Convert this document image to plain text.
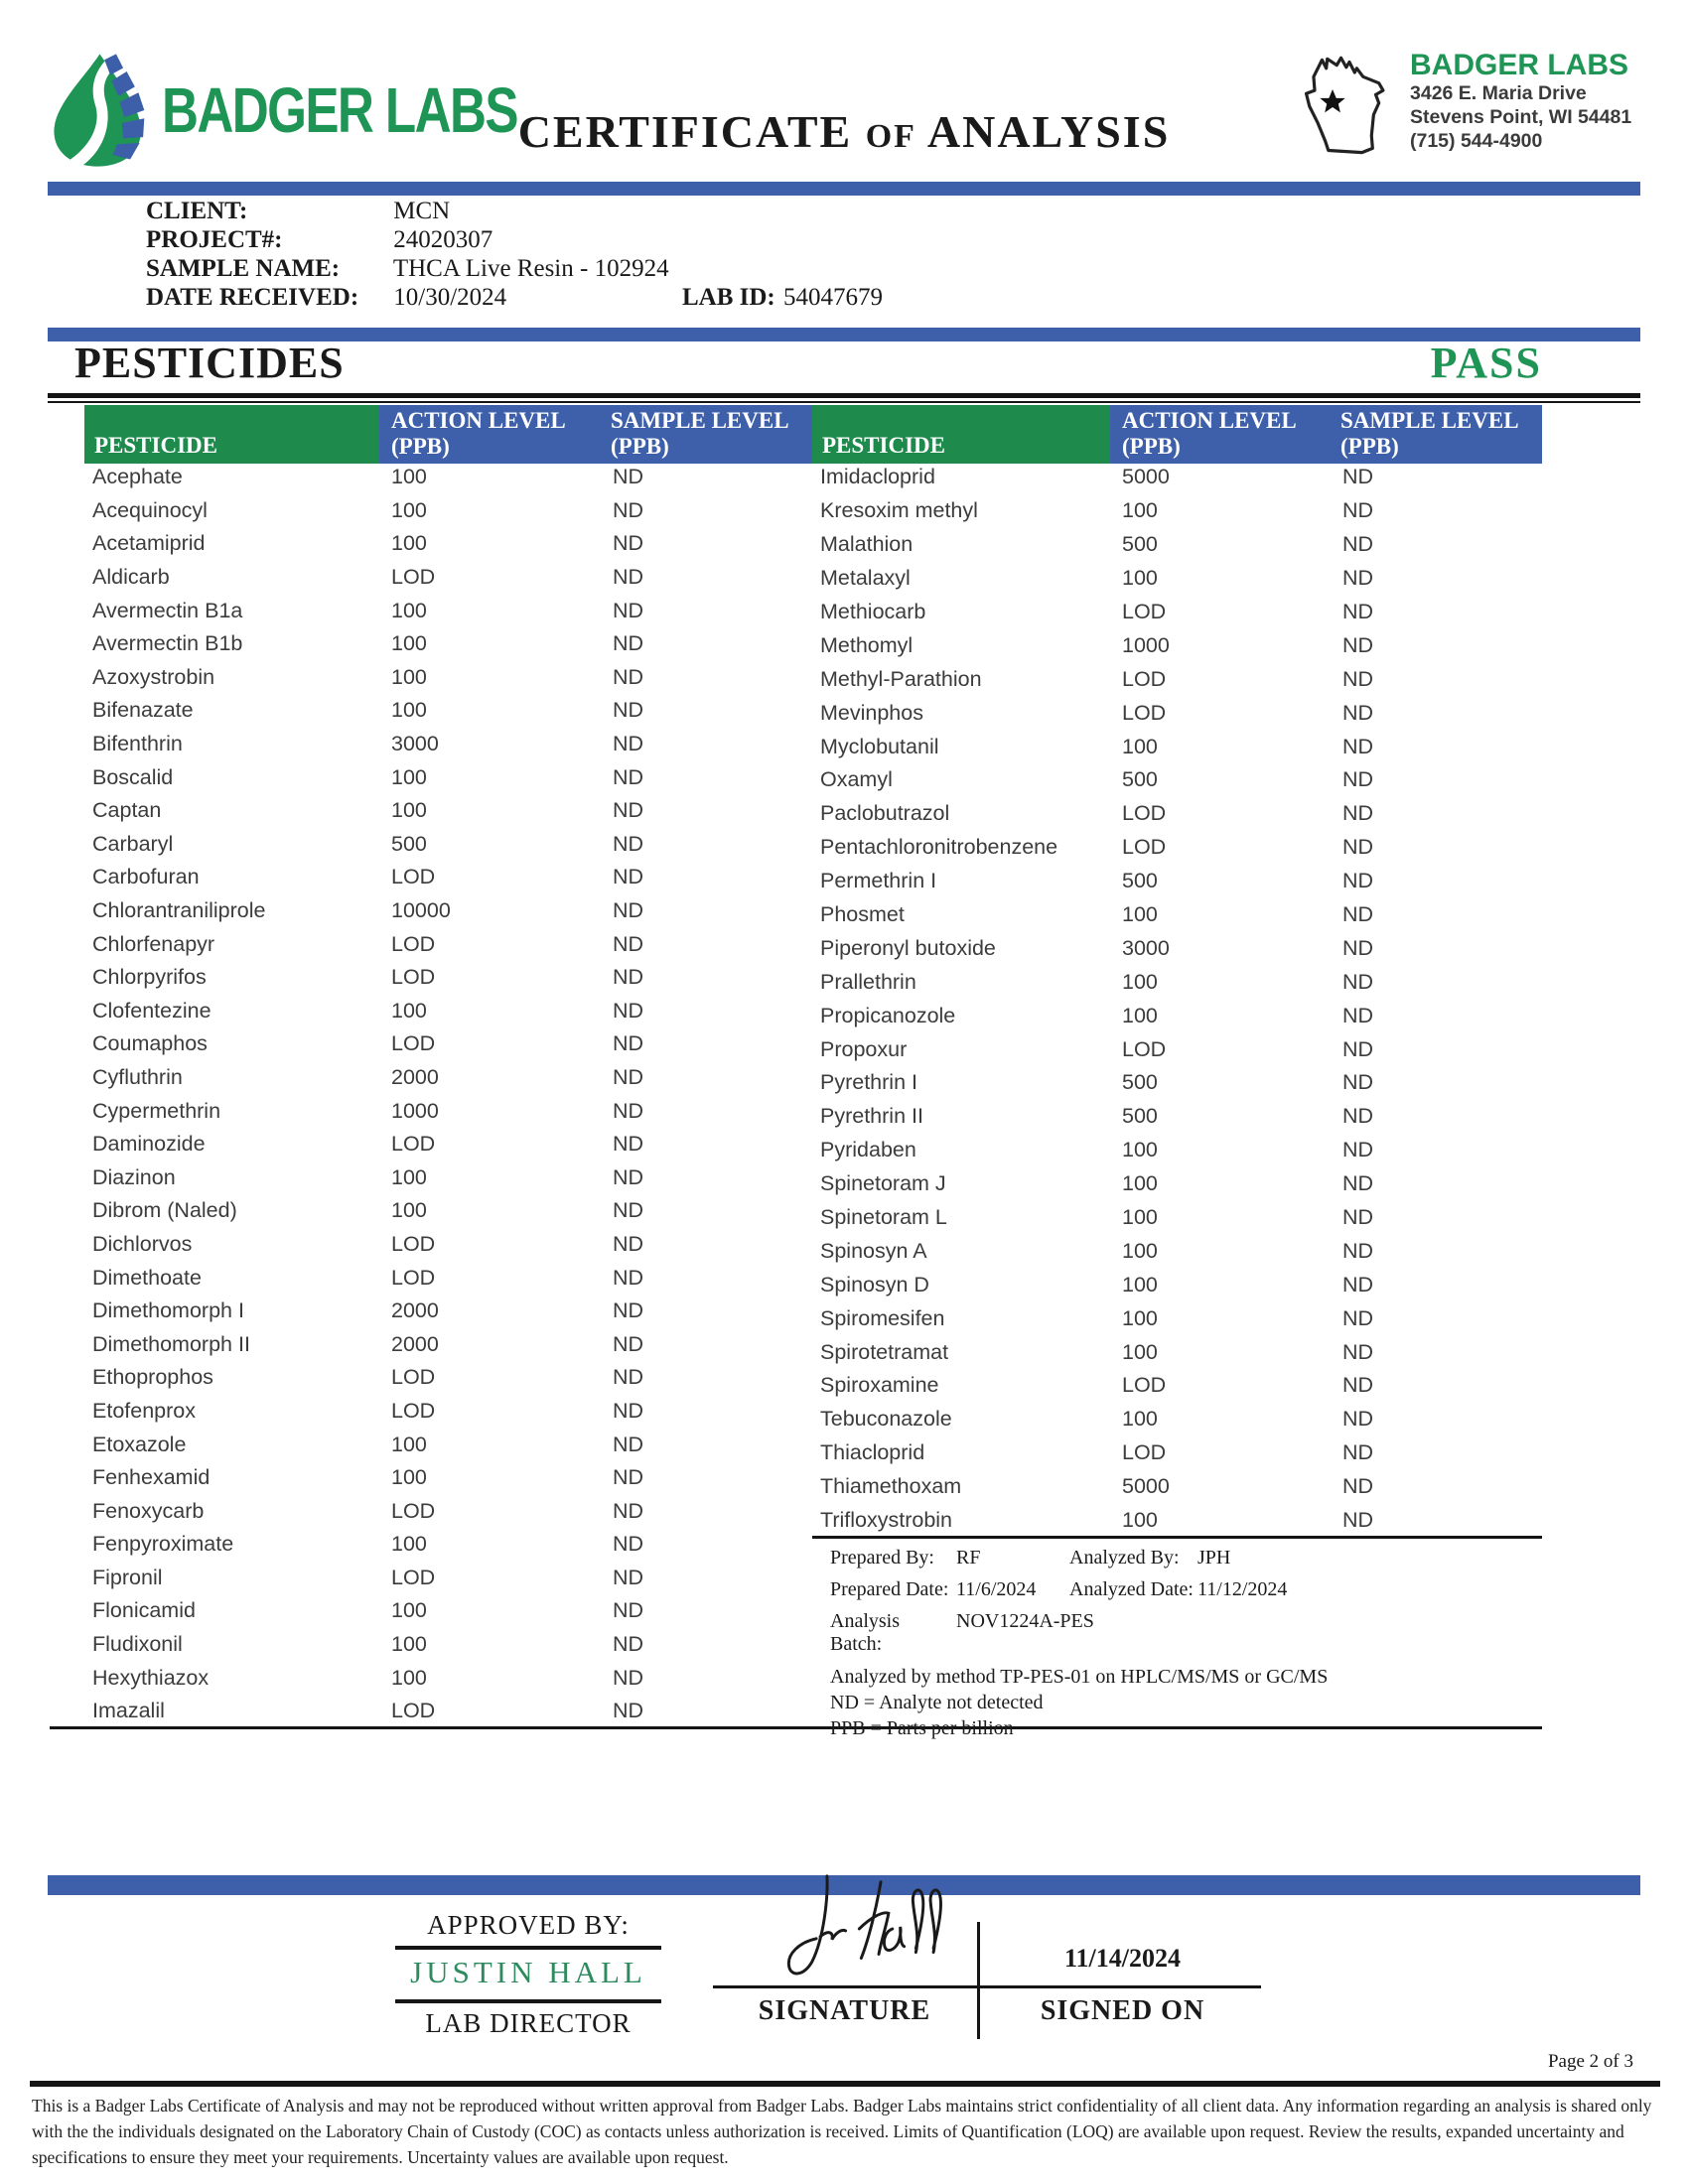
BADGER LABS CERTIFICATE OF ANALYSIS
BADGER LABS
3426 E. Maria Drive
Stevens Point, WI 54481
(715) 544-4900
CLIENT:	MCN
PROJECT#:	24020307
SAMPLE NAME: THCA Live Resin - 102924
DATE RECEIVED: 10/30/2024	LAB ID: 54047679
PESTICIDES	PASS
PESTICIDE
ACTION LEVEL
(PPB)
SAMPLE LEVEL
(PPB)
Acephate	100	ND
Acequinocyl	100	ND
Acetamiprid	100	ND
Aldicarb	LOD	ND
Avermectin B1a	100	ND
Avermectin B1b	100	ND
Azoxystrobin	100	ND
Bifenazate	100	ND
Bifenthrin	3000	ND
Boscalid	100	ND
Captan	100	ND
Carbaryl	500	ND
Carbofuran	LOD	ND
Chlorantraniliprole	10000	ND
Chlorfenapyr	LOD	ND
Chlorpyrifos	LOD	ND
Clofentezine	100	ND
Coumaphos	LOD	ND
Cyfluthrin	2000	ND
Cypermethrin	1000	ND
Daminozide	LOD	ND
Diazinon	100	ND
Dibrom (Naled)	100	ND
Dichlorvos	LOD	ND
Dimethoate	LOD	ND
Dimethomorph I	2000	ND
Dimethomorph II	2000	ND
Ethoprophos	LOD	ND
Etofenprox	LOD	ND
Etoxazole	100	ND
Fenhexamid	100	ND
Fenoxycarb	LOD	ND
Fenpyroximate	100	ND
Fipronil	LOD	ND
Flonicamid	100	ND
Fludixonil	100	ND
Hexythiazox	100	ND
Imazalil	LOD	ND
PESTICIDE
ACTION LEVEL
(PPB)
SAMPLE LEVEL
(PPB)
Imidacloprid	5000	ND
Kresoxim methyl	100	ND
Malathion	500	ND
Metalaxyl	100	ND
Methiocarb	LOD	ND
Methomyl	1000	ND
Methyl-Parathion	LOD	ND
Mevinphos	LOD	ND
Myclobutanil	100	ND
Oxamyl	500	ND
Paclobutrazol	LOD	ND
Pentachloronitrobenzene	LOD	ND
Permethrin I	500	ND
Phosmet	100	ND
Piperonyl butoxide	3000	ND
Prallethrin	100	ND
Propicanozole	100	ND
Propoxur	LOD	ND
Pyrethrin I	500	ND
Pyrethrin II	500	ND
Pyridaben	100	ND
Spinetoram J	100	ND
Spinetoram L	100	ND
Spinosyn A	100	ND
Spinosyn D	100	ND
Spiromesifen	100	ND
Spirotetramat	100	ND
Spiroxamine	LOD	ND
Tebuconazole	100	ND
Thiacloprid	LOD	ND
Thiamethoxam	5000	ND
Trifloxystrobin	100	ND
Prepared By:	RF	Analyzed By: JPH
Prepared Date: 11/6/2024	Analyzed Date: 11/12/2024
Analysis Batch:
NOV1224A-PES
Analyzed by method TP-PES-01 on HPLC/MS/MS or GC/MS
ND = Analyte not detected
PPB = Parts per billion
APPROVED BY:
JUSTIN HALL
LAB DIRECTOR
11/14/2024
SIGNATURE	SIGNED ON
Page 2 of 3
This is a Badger Labs Certificate of Analysis and may not be reproduced without written approval from Badger Labs. Badger Labs maintains strict confidentiality of all client data. Any information regarding an analysis is shared only with the the individuals designated on the Laboratory Chain of Custody (COC) as contacts unless authorization is received. Limits of Quantification (LOQ) are available upon request. Review the results, expanded uncertainty and specifications to ensure they meet your requirements. Uncertainty values are available upon request.
